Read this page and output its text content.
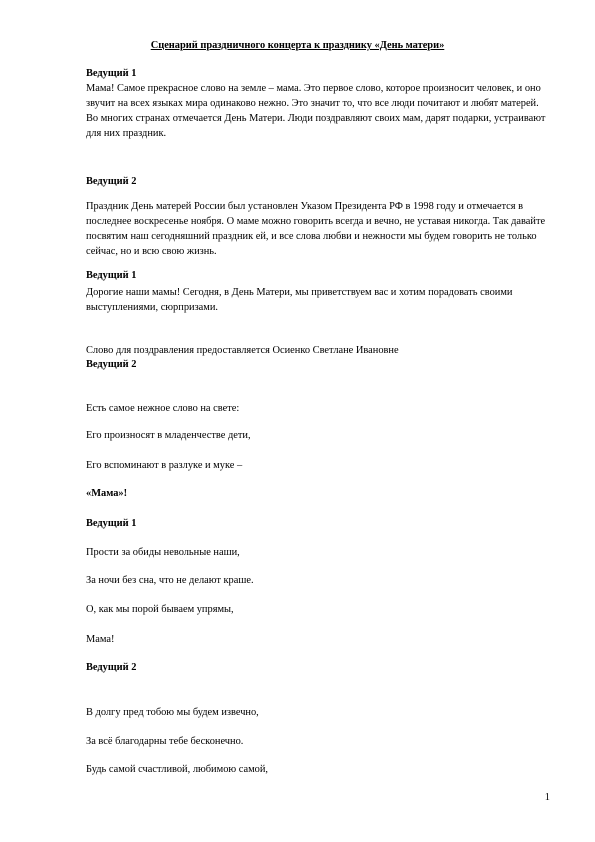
Сценарий праздничного концерта к празднику «День матери»

Ведущий 1

Мама! Самое прекрасное слово на земле – мама. Это первое слово, которое произносит человек, и оно звучит на всех языках мира одинаково нежно. Это значит то, что все люди почитают и любят матерей. Во многих странах отмечается День Матери. Люди поздравляют своих мам, дарят подарки, устраивают для них праздник.

Ведущий 2

Праздник День матерей России был установлен Указом Президента РФ в 1998 году и отмечается в последнее воскресенье ноября. О маме можно говорить всегда и вечно, не уставая никогда. Так давайте посвятим наш сегодняшний праздник ей, и все слова любви и нежности мы будем говорить не только сейчас, но и всю свою жизнь.

Ведущий 1

Дорогие наши мамы! Сегодня, в День Матери, мы приветствуем вас и хотим порадовать своими выступлениями, сюрпризами.

Слово для поздравления предоставляется Осиенко Светлане Ивановне

Ведущий 2

Есть самое нежное слово на свете:

Его произносят в младенчестве дети,

Его вспоминают в разлуке и муке –

«Мама»!

Ведущий 1

Прости за обиды невольные наши,

За ночи без сна, что не делают краше.

О, как мы порой бываем упрямы,

Мама!

Ведущий 2

В долгу пред тобою мы будем извечно,

За всё благодарны тебе бесконечно.

Будь самой счастливой, любимою самой,

1
